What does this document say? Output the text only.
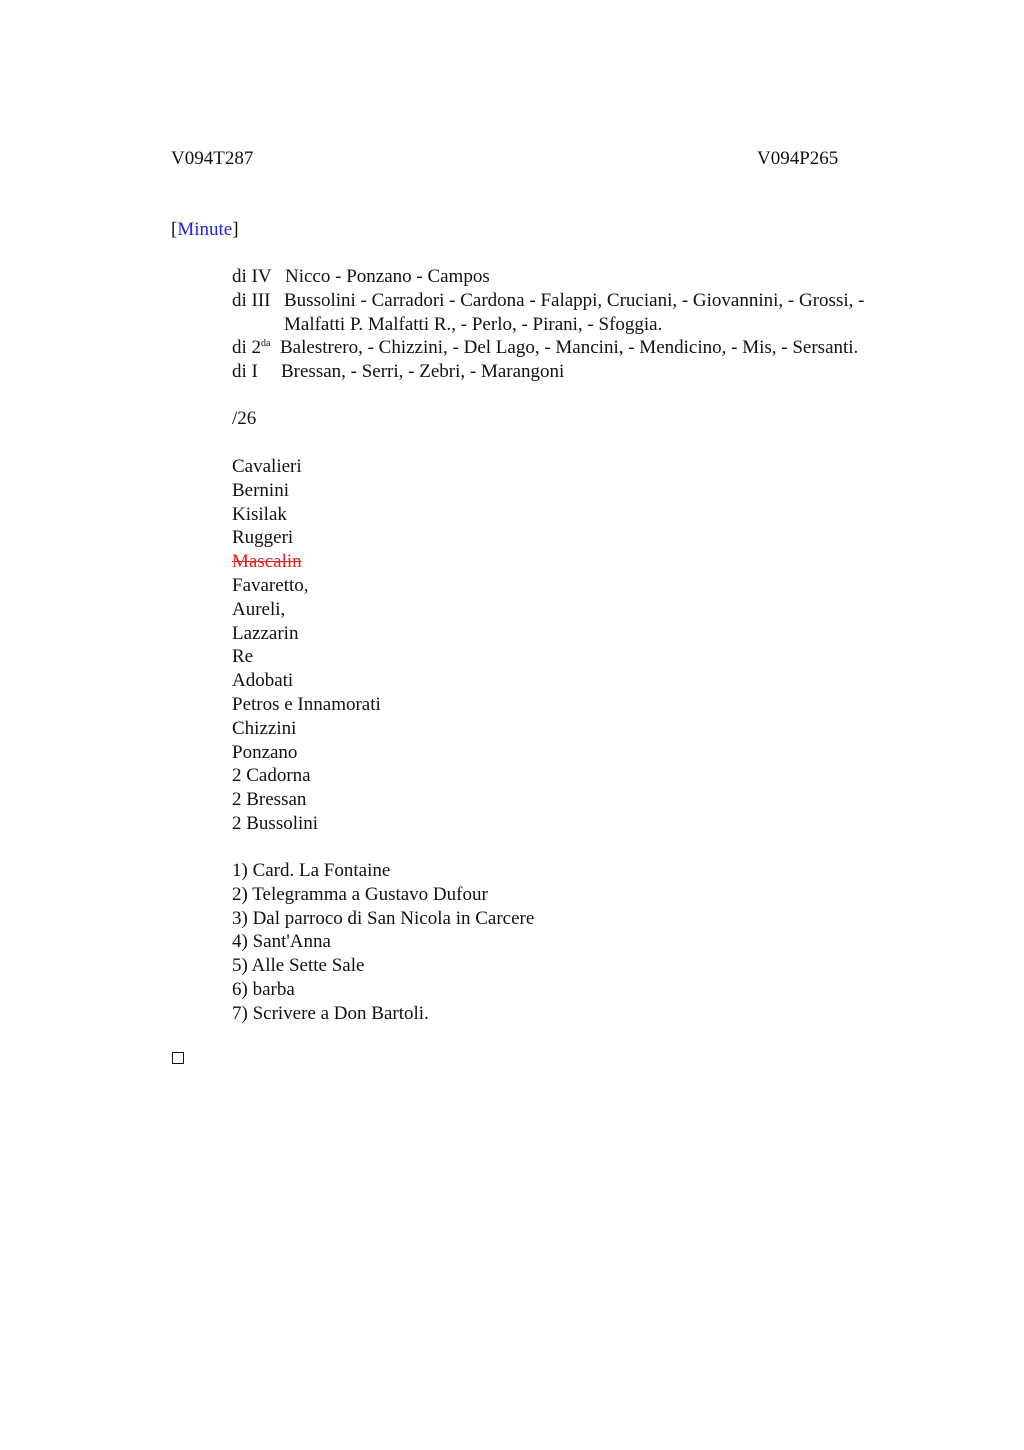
V094T287	V094P265
[Minute]
di IV Nicco - Ponzano - Campos
di III Bussolini - Carradori - Cardona - Falappi, Cruciani, - Giovannini, - Grossi, -
Malfatti P. Malfatti R., - Perlo, - Pirani, - Sfoggia.
di $2^{da}$ Balestrero, - Chizzini, - Del Lago, - Mancini, - Mendicino, - Mis, - Sersanti.
di I Bressan, - Serri, - Zebri, - Marangoni
/26
Cavalieri
Bernini
Kisilak
Ruggeri
Mascalin
Favaretto,
Aureli,
Lazzarin
Re
Adobati
Petros e Innamorati
Chizzini
Ponzano
2 Cadorna
2 Bressan
2 Bussolini
1) Card. La Fontaine
2) Telegramma a Gustavo Dufour
3) Dal parroco di San Nicola in Carcere
4) Sant'Anna
5) Alle Sette Sale
6) barba
7) Scrivere a Don Bartoli.
